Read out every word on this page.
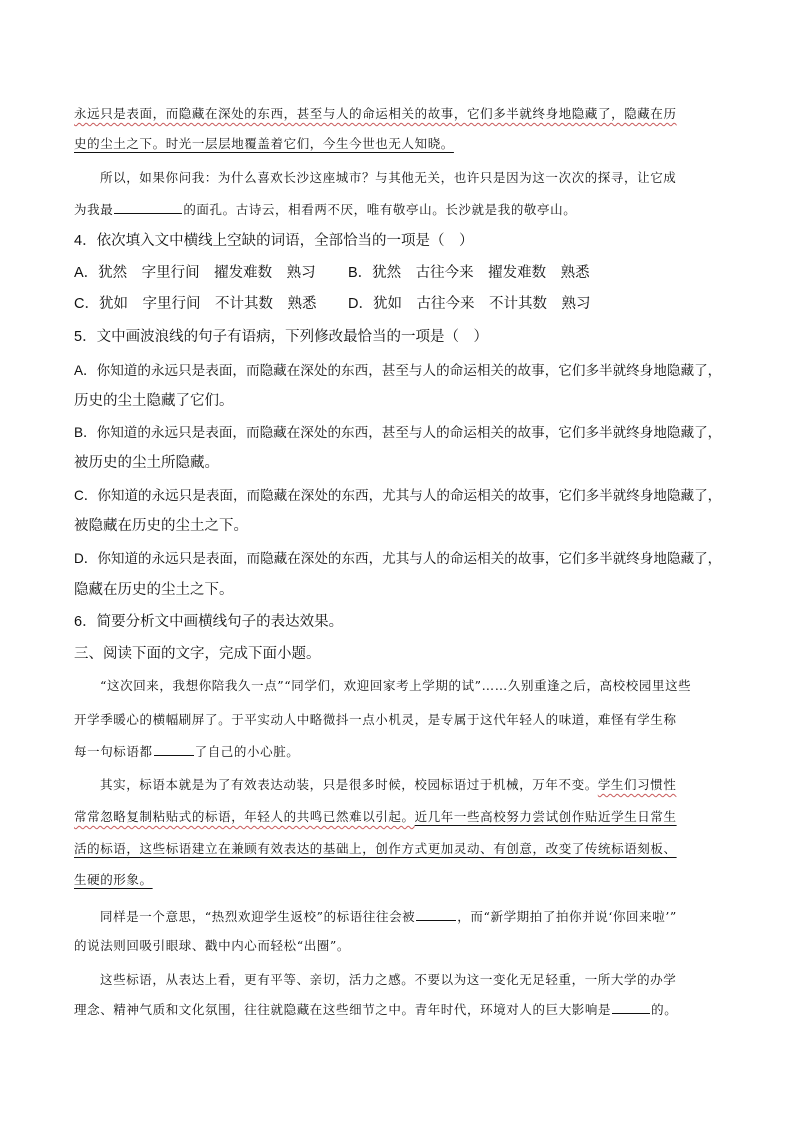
永远只是表面，而隐藏在深处的东西，甚至与人的命运相关的故事，它们多半就终身地隐藏了，隐藏在历
史的尘土之下。时光一层层地覆盖着它们，今生今世也无人知晓。
所以，如果你问我：为什么喜欢长沙这座城市？与其他无关，也许只是因为这一次次的探寻，让它成
为我最	的面孔。古诗云，相看两不厌，唯有敬亭山。长沙就是我的敬亭山。
4．依次填入文中横线上空缺的词语，全部恰当的一项是（　）
A．犹然　字里行间　擢发难数　熟习 B．犹然　古往今来　擢发难数　熟悉
C．犹如　字里行间　不计其数　熟悉 D．犹如　古往今来　不计其数　熟习
5．文中画波浪线的句子有语病，下列修改最恰当的一项是（　）
A．你知道的永远只是表面，而隐藏在深处的东西，甚至与人的命运相关的故事，它们多半就终身地隐藏了，
历史的尘土隐藏了它们。
B．你知道的永远只是表面，而隐藏在深处的东西，甚至与人的命运相关的故事，它们多半就终身地隐藏了，
被历史的尘土所隐藏。
C．你知道的永远只是表面，而隐藏在深处的东西，尤其与人的命运相关的故事，它们多半就终身地隐藏了，
被隐藏在历史的尘土之下。
D．你知道的永远只是表面，而隐藏在深处的东西，尤其与人的命运相关的故事，它们多半就终身地隐藏了，
隐藏在历史的尘土之下。
6．简要分析文中画横线句子的表达效果。
三、阅读下面的文字，完成下面小题。
“这次回来，我想你陪我久一点”“同学们，欢迎回家考上学期的试”……久别重逢之后，高校校园里这些
开学季暖心的横幅刷屏了。于平实动人中略微抖一点小机灵，是专属于这代年轻人的味道，难怪有学生称
每一句标语都	了自己的小心脏。
其实，标语本就是为了有效表达动装，只是很多时候，校园标语过于机械，万年不变。学生们习惯性
常常忽略复制粘贴式的标语，年轻人的共鸣已然难以引起。近几年一些高校努力尝试创作贴近学生日常生
活的标语，这些标语建立在兼顾有效表达的基础上，创作方式更加灵动、有创意，改变了传统标语刻板、
生硬的形象。
同样是一个意思，“热烈欢迎学生返校”的标语往往会被	，而“新学期拍了拍你并说‘你回来啦’”
的说法则回吸引眼球、戳中内心而轻松“出圈”。
这些标语，从表达上看，更有平等、亲切，活力之感。不要以为这一变化无足轻重，一所大学的办学
理念、精神气质和文化氛围，往往就隐藏在这些细节之中。青年时代，环境对人的巨大影响是	的。
